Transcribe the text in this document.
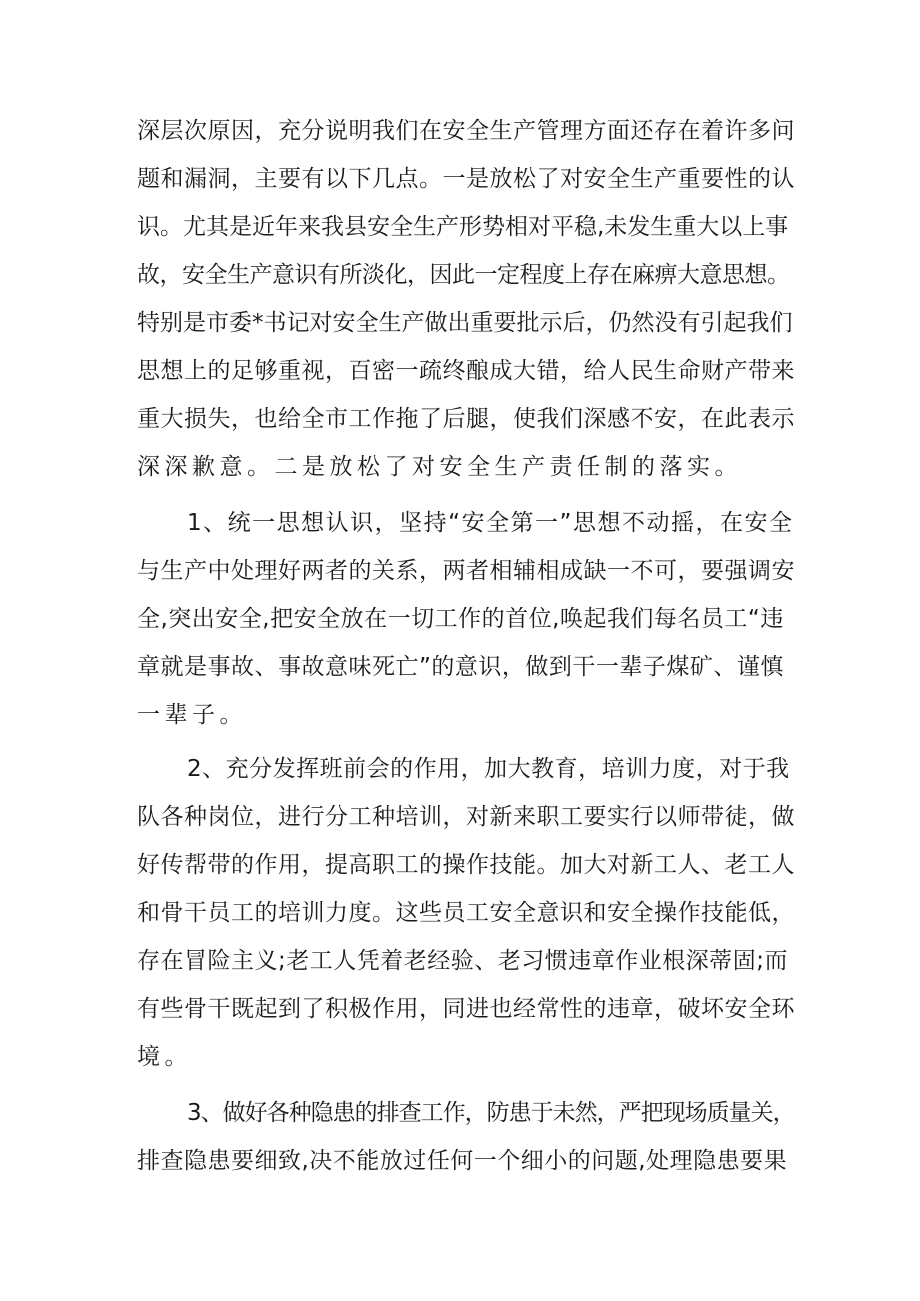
深层次原因，充分说明我们在安全生产管理方面还存在着许多问
题和漏洞，主要有以下几点。一是放松了对安全生产重要性的认
识。尤其是近年来我县安全生产形势相对平稳,未发生重大以上事
故，安全生产意识有所淡化，因此一定程度上存在麻痹大意思想。
特别是市委*书记对安全生产做出重要批示后，仍然没有引起我们
思想上的足够重视，百密一疏终酿成大错，给人民生命财产带来
重大损失，也给全市工作拖了后腿，使我们深感不安，在此表示
深深歉意。二是放松了对安全生产责任制的落实。
1、统一思想认识，坚持“安全第一”思想不动摇，在安全
与生产中处理好两者的关系，两者相辅相成缺一不可，要强调安
全,突出安全,把安全放在一切工作的首位,唤起我们每名员工“违
章就是事故、事故意味死亡”的意识，做到干一辈子煤矿、谨慎
一辈子。
2、充分发挥班前会的作用，加大教育，培训力度，对于我
队各种岗位，进行分工种培训，对新来职工要实行以师带徒，做
好传帮带的作用，提高职工的操作技能。加大对新工人、老工人
和骨干员工的培训力度。这些员工安全意识和安全操作技能低，
存在冒险主义;老工人凭着老经验、老习惯违章作业根深蒂固;而
有些骨干既起到了积极作用，同进也经常性的违章，破坏安全环
境。
3、做好各种隐患的排查工作，防患于未然，严把现场质量关，
排查隐患要细致,决不能放过任何一个细小的问题,处理隐患要果
